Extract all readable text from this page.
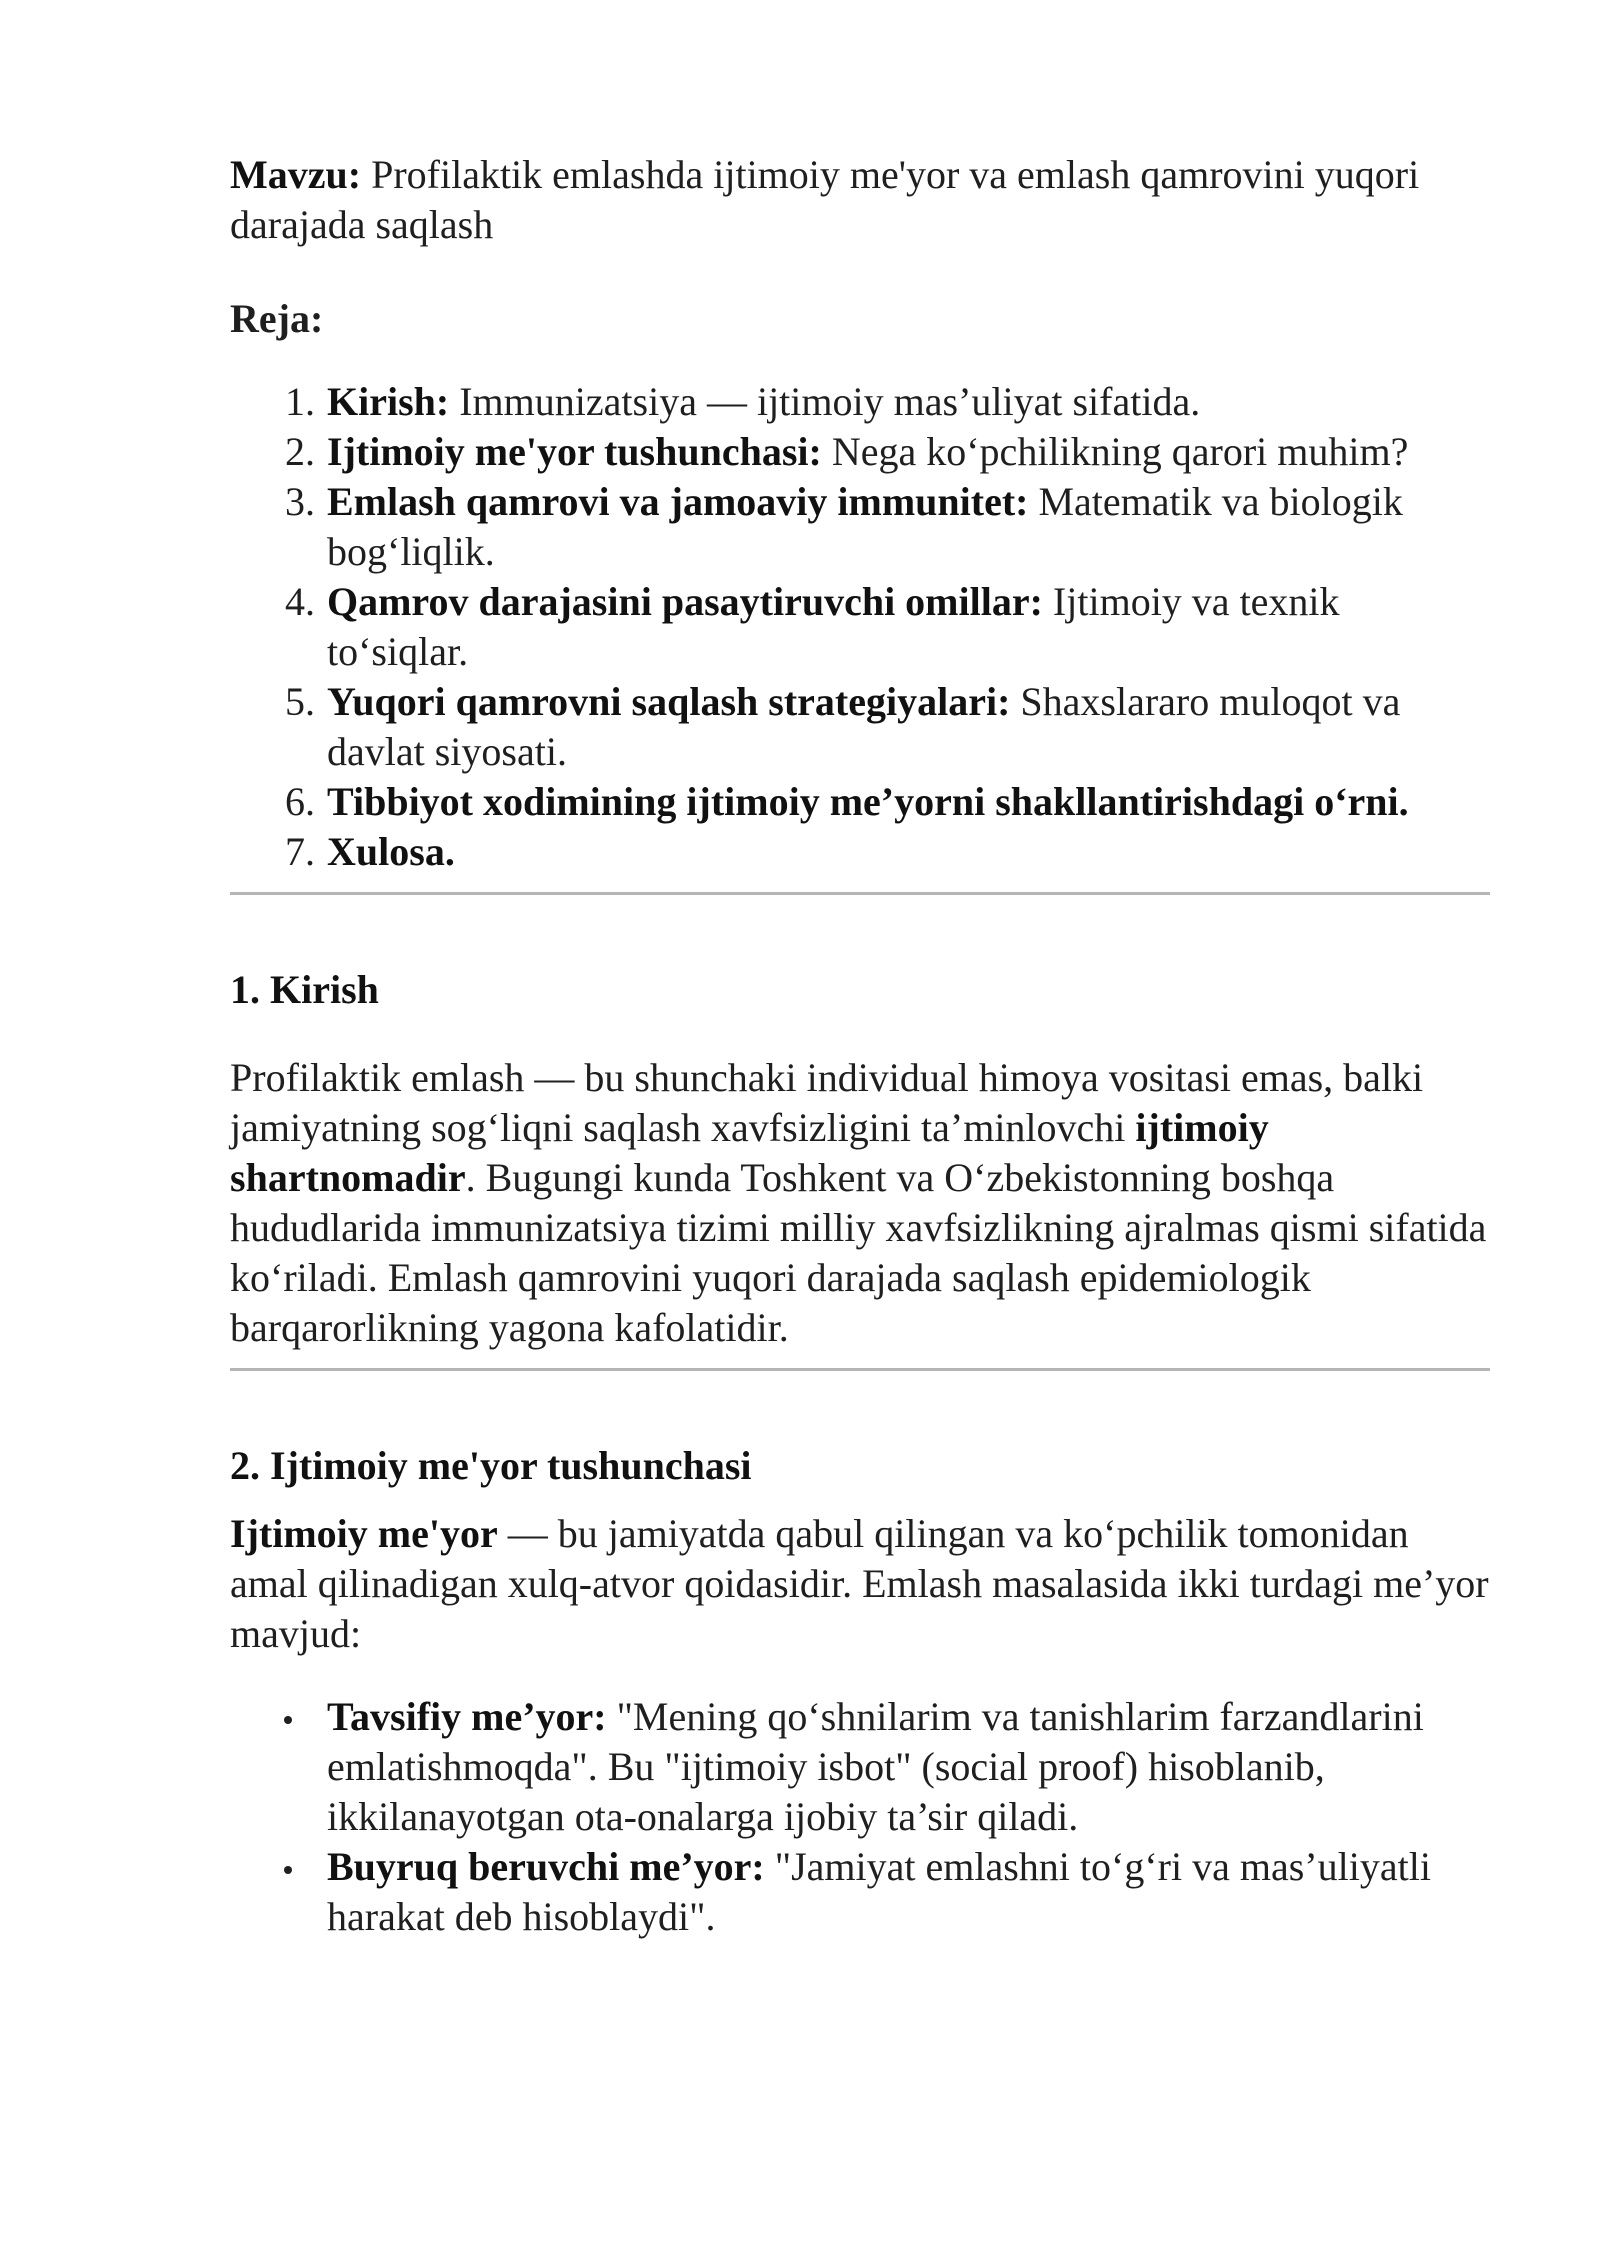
Mavzu: Profilaktik emlashda ijtimoiy me'yor va emlash qamrovini yuqori darajada saqlash

Reja:

Kirish: Immunizatsiya — ijtimoiy mas’uliyat sifatida.
Ijtimoiy me'yor tushunchasi: Nega ko‘pchilikning qarori muhim?
Emlash qamrovi va jamoaviy immunitet: Matematik va biologik bog‘liqlik.
Qamrov darajasini pasaytiruvchi omillar: Ijtimoiy va texnik to‘siqlar.
Yuqori qamrovni saqlash strategiyalari: Shaxslararo muloqot va davlat siyosati.
Tibbiyot xodimining ijtimoiy me’yorni shakllantirishdagi o‘rni.
Xulosa.
1. Kirish

Profilaktik emlash — bu shunchaki individual himoya vositasi emas, balki jamiyatning sog‘liqni saqlash xavfsizligini ta’minlovchi ijtimoiy shartnomadir. Bugungi kunda Toshkent va O‘zbekistonning boshqa hududlarida immunizatsiya tizimi milliy xavfsizlikning ajralmas qismi sifatida ko‘riladi. Emlash qamrovini yuqori darajada saqlash epidemiologik barqarorlikning yagona kafolatidir.

2. Ijtimoiy me'yor tushunchasi

Ijtimoiy me'yor — bu jamiyatda qabul qilingan va ko‘pchilik tomonidan amal qilinadigan xulq-atvor qoidasidir. Emlash masalasida ikki turdagi me’yor mavjud:

Tavsifiy me’yor: "Mening qo‘shnilarim va tanishlarim farzandlarini emlatishmoqda". Bu "ijtimoiy isbot" (social proof) hisoblanib, ikkilanayotgan ota-onalarga ijobiy ta’sir qiladi.
Buyruq beruvchi me’yor: "Jamiyat emlashni to‘g‘ri va mas’uliyatli harakat deb hisoblaydi".
